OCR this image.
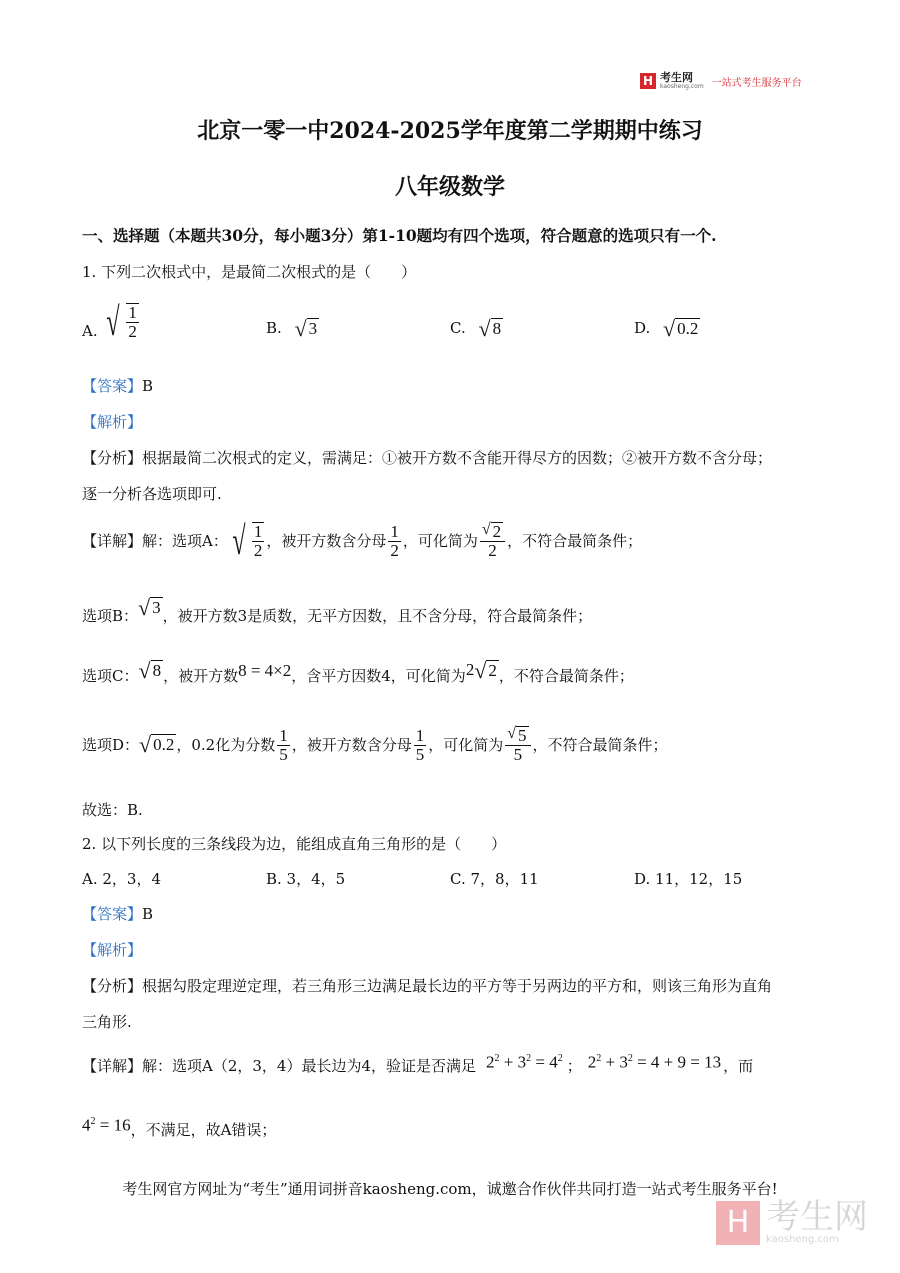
H 考生网
kaosheng.com 一站式考生服务平台
北京一零一中2024-2025学年度第二学期期中练习
八年级数学
一、选择题（本题共30分，每小题3分）第1-10题均有四个选项，符合题意的选项只有一个.
1. 下列二次根式中，是最简二次根式的是（　　）
A. √ $\frac{1}{2}$	B. √ 3	C. √ 8	D. √ 0.2
【答案】B
【解析】
【分析】根据最简二次根式的定义，需满足：①被开方数不含能开得尽方的因数；②被开方数不含分母；
逐一分析各选项即可.
【详解】 解：选项A： √ $\frac{1}{2}$ ，被开方数含分母 $\frac{1}{2}$ ，可化简为 $\frac{√ 2}{2}$ ，不符合最简条件；
选项B： √ 3 ，被开方数3是质数，无平方因数，且不含分母，符合最简条件；
选项C： √ 8 ，被开方数 8 = 4×2 ，含平方因数4，可化简为 2 √ 2 ，不符合最简条件；
选项D： √ 0.2 ，0.2化为分数 $\frac{1}{5}$ ，被开方数含分母 $\frac{1}{5}$ ，可化简为 $\frac{√ 5}{5}$ ，不符合最简条件；
故选：B.
2. 以下列长度的三条线段为边，能组成直角三角形的是（　　）
A. 2，3，4	B. 3，4，5	C. 7，8，11	D. 11，12，15
【答案】B
【解析】
【分析】根据勾股定理逆定理，若三角形三边满足最长边的平方等于另两边的平方和，则该三角形为直角
三角形.
【详解】 解：选项A（2，3，4）最长边为4，验证是否满足 $2^2 + 3^2 = 4^2$ ； $2^2 + 3^2 = 4 + 9 = 13$ ，而
$4^2 = 16$ ，不满足，故A错误；
考生网官方网址为“考生”通用词拼音kaosheng.com，诚邀合作伙伴共同打造一站式考生服务平台!
H 考生网
kaosheng.com
